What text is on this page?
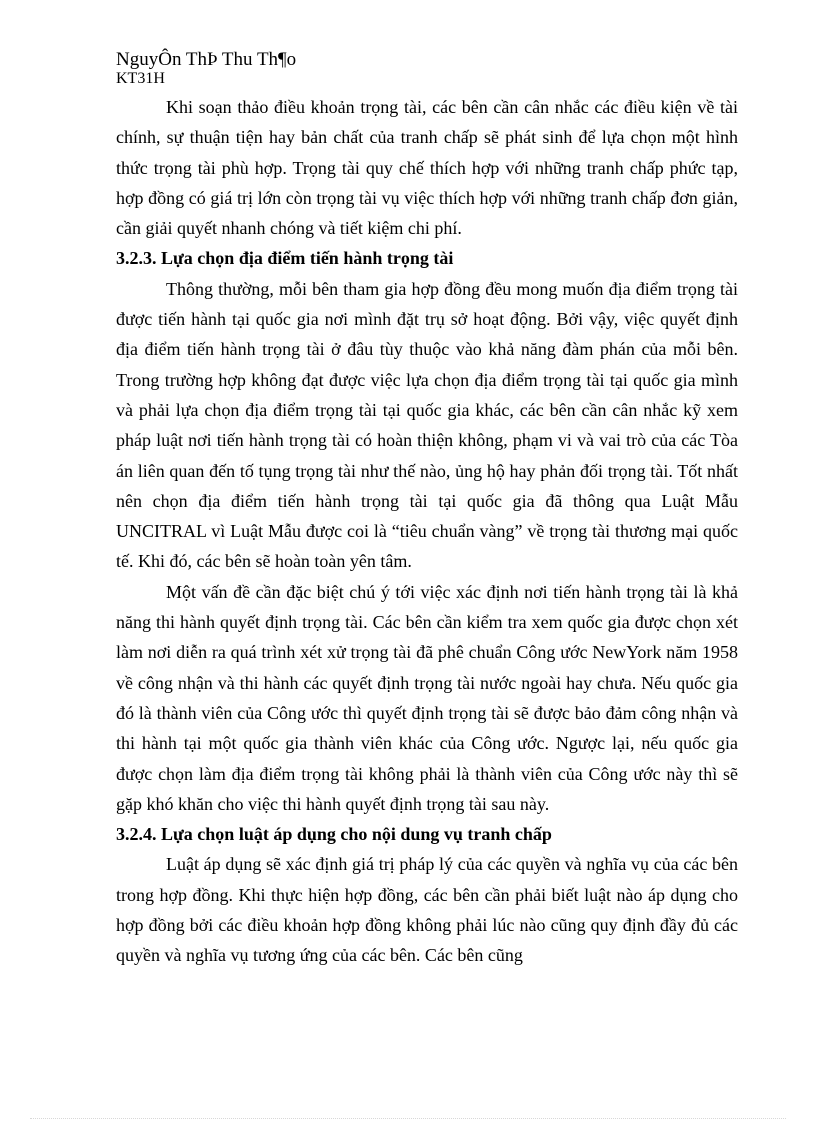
NguyÔn ThÞ Thu Th¶o
KT31H

Khi soạn thảo điều khoản trọng tài, các bên cần cân nhắc các điều kiện về tài chính, sự thuận tiện hay bản chất của tranh chấp sẽ phát sinh để lựa chọn một hình thức trọng tài phù hợp. Trọng tài quy chế thích hợp với những tranh chấp phức tạp, hợp đồng có giá trị lớn còn trọng tài vụ việc thích hợp với những tranh chấp đơn giản, cần giải quyết nhanh chóng và tiết kiệm chi phí.

3.2.3. Lựa chọn địa điểm tiến hành trọng tài

Thông thường, mỗi bên tham gia hợp đồng đều mong muốn địa điểm trọng tài được tiến hành tại quốc gia nơi mình đặt trụ sở hoạt động. Bởi vậy, việc quyết định địa điểm tiến hành trọng tài ở đâu tùy thuộc vào khả năng đàm phán của mỗi bên. Trong trường hợp không đạt được việc lựa chọn địa điểm trọng tài tại quốc gia mình và phải lựa chọn địa điểm trọng tài tại quốc gia khác, các bên cần cân nhắc kỹ xem pháp luật nơi tiến hành trọng tài có hoàn thiện không, phạm vi và vai trò của các Tòa án liên quan đến tố tụng trọng tài như thế nào, ủng hộ hay phản đối trọng tài. Tốt nhất nên chọn địa điểm tiến hành trọng tài tại quốc gia đã thông qua Luật Mẫu UNCITRAL vì Luật Mẫu được coi là “tiêu chuẩn vàng” về trọng tài thương mại quốc tế. Khi đó, các bên sẽ hoàn toàn yên tâm.

Một vấn đề cần đặc biệt chú ý tới việc xác định nơi tiến hành trọng tài là khả năng thi hành quyết định trọng tài. Các bên cần kiểm tra xem quốc gia được chọn xét làm nơi diễn ra quá trình xét xử trọng tài đã phê chuẩn Công ước NewYork năm 1958 về công nhận và thi hành các quyết định trọng tài nước ngoài hay chưa. Nếu quốc gia đó là thành viên của Công ước thì quyết định trọng tài sẽ được bảo đảm công nhận và thi hành tại một quốc gia thành viên khác của Công ước. Ngược lại, nếu quốc gia được chọn làm địa điểm trọng tài không phải là thành viên của Công ước này thì sẽ gặp khó khăn cho việc thi hành quyết định trọng tài sau này.

3.2.4. Lựa chọn luật áp dụng cho nội dung vụ tranh chấp

Luật áp dụng sẽ xác định giá trị pháp lý của các quyền và nghĩa vụ của các bên trong hợp đồng. Khi thực hiện hợp đồng, các bên cần phải biết luật nào áp dụng cho hợp đồng bởi các điều khoản hợp đồng không phải lúc nào cũng quy định đầy đủ các quyền và nghĩa vụ tương ứng của các bên. Các bên cũng
